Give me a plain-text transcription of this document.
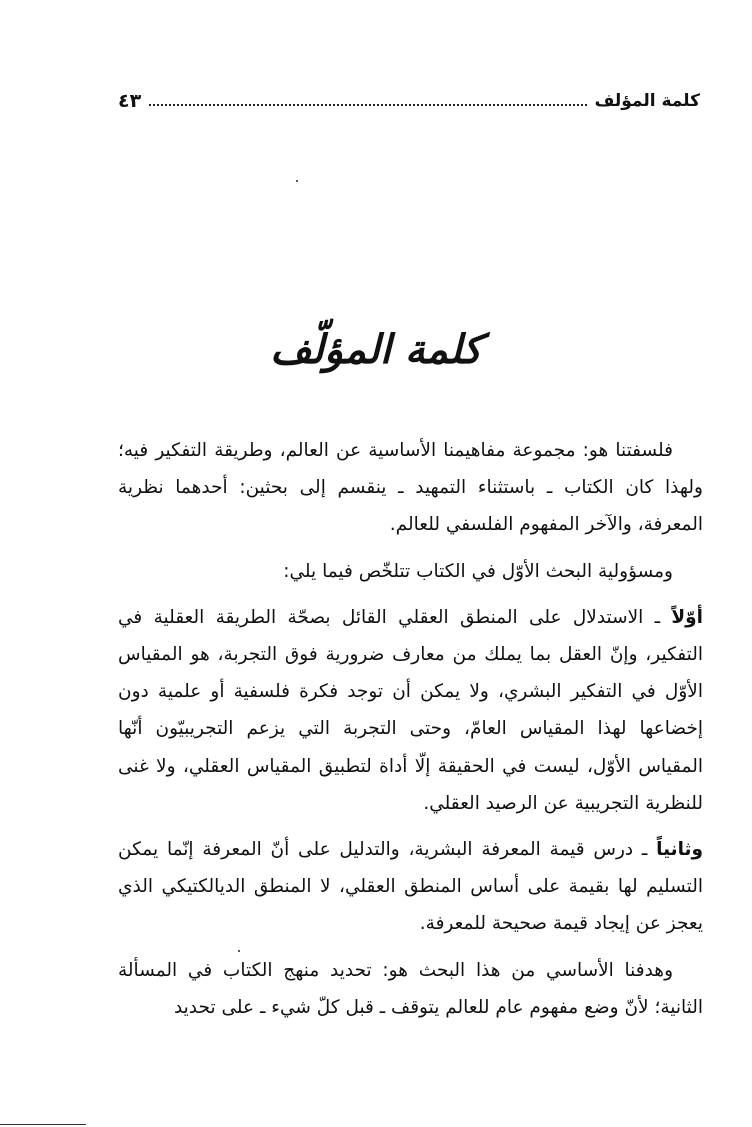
كلمة المؤلف
٤٣
كلمة المؤلّف

فلسفتنا هو: مجموعة مفاهيمنا الأساسية عن العالم، وطريقة التفكير فيه؛ ولهذا كان الكتاب ـ باستثناء التمهيد ـ ينقسم إلى بحثين: أحدهما نظرية المعرفة، والآخر المفهوم الفلسفي للعالم.

ومسؤولية البحث الأوّل في الكتاب تتلخّص فيما يلي:

أوّلاً ـ الاستدلال على المنطق العقلي القائل بصحّة الطريقة العقلية في التفكير، وإنّ العقل بما يملك من معارف ضرورية فوق التجربة، هو المقياس الأوّل في التفكير البشري، ولا يمكن أن توجد فكرة فلسفية أو علمية دون إخضاعها لهذا المقياس العامّ، وحتى التجربة التي يزعم التجريبيّون أنّها المقياس الأوّل، ليست في الحقيقة إلّا أداة لتطبيق المقياس العقلي، ولا غنى للنظرية التجريبية عن الرصيد العقلي.

وثانياً ـ درس قيمة المعرفة البشرية، والتدليل على أنّ المعرفة إنّما يمكن التسليم لها بقيمة على أساس المنطق العقلي، لا المنطق الديالكتيكي الذي يعجز عن إيجاد قيمة صحيحة للمعرفة.

وهدفنا الأساسي من هذا البحث هو: تحديد منهج الكتاب في المسألة الثانية؛ لأنّ وضع مفهوم عام للعالم يتوقف ـ قبل كلّ شيء ـ على تحديد
